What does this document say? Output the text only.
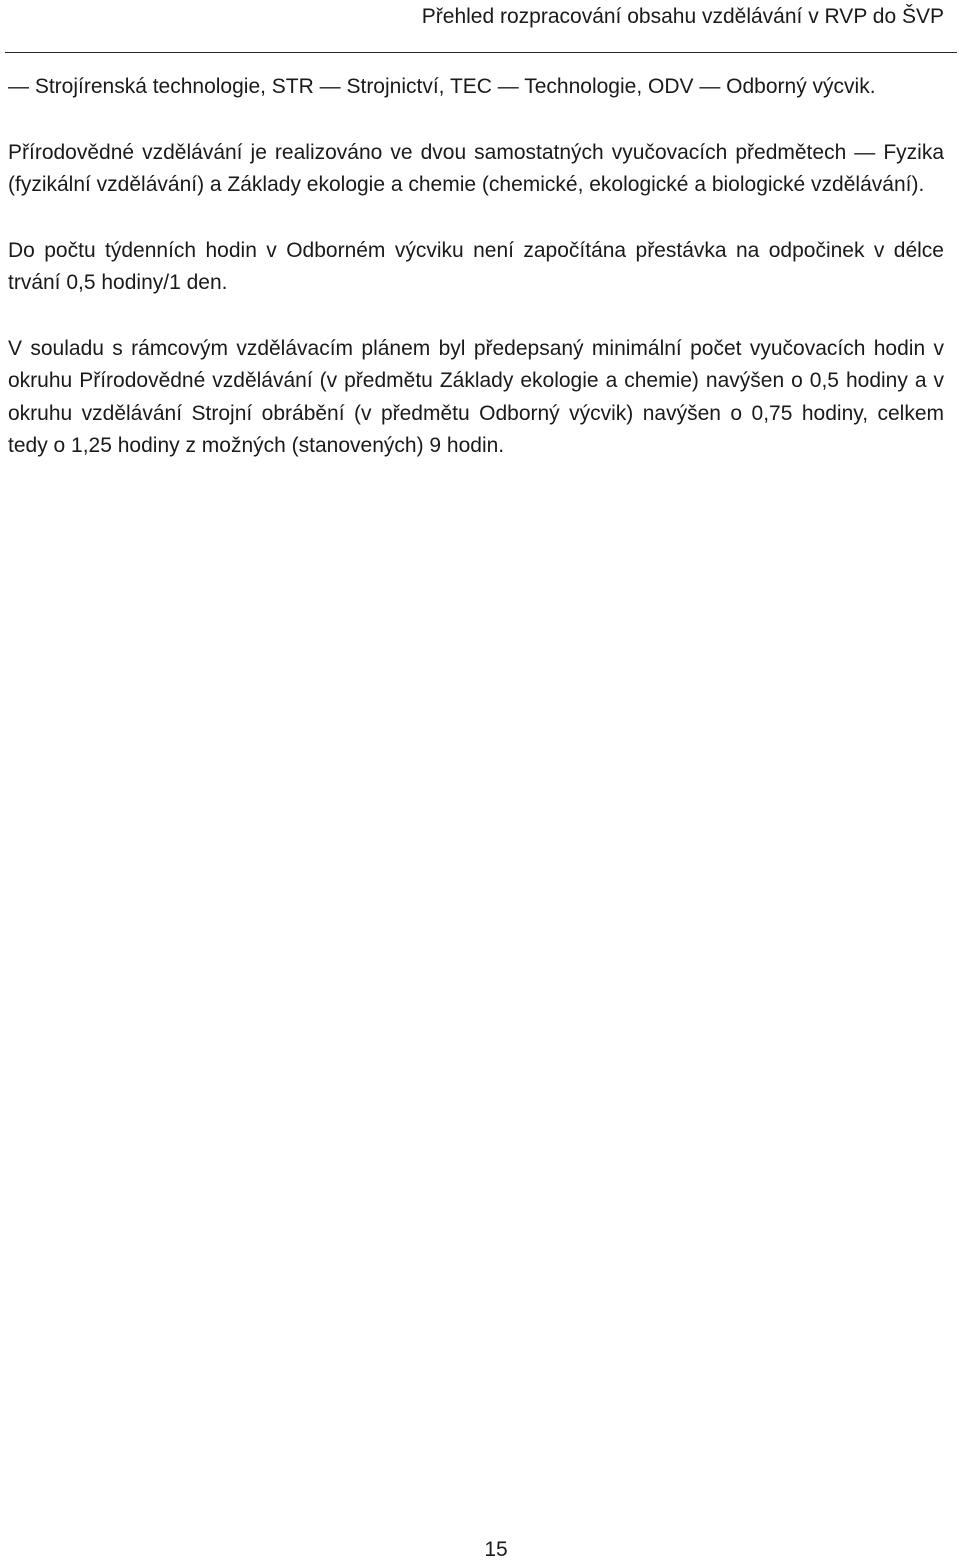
Přehled rozpracování obsahu vzdělávání v RVP do ŠVP

— Strojírenská technologie, STR — Strojnictví, TEC — Technologie, ODV — Odborný výcvik.

Přírodovědné vzdělávání je realizováno ve dvou samostatných vyučovacích předmětech — Fyzika (fyzikální vzdělávání) a Základy ekologie a chemie (chemické, ekologické a biologické vzdělávání).

Do počtu týdenních hodin v Odborném výcviku není započítána přestávka na odpočinek v délce trvání 0,5 hodiny/1 den.

V souladu s rámcovým vzdělávacím plánem byl předepsaný minimální počet vyučovacích hodin v okruhu Přírodovědné vzdělávání (v předmětu Základy ekologie a chemie) navýšen o 0,5 hodiny a v okruhu vzdělávání Strojní obrábění (v předmětu Odborný výcvik) navýšen o 0,75 hodiny, celkem tedy o 1,25 hodiny z možných (stanovených) 9 hodin.

15
